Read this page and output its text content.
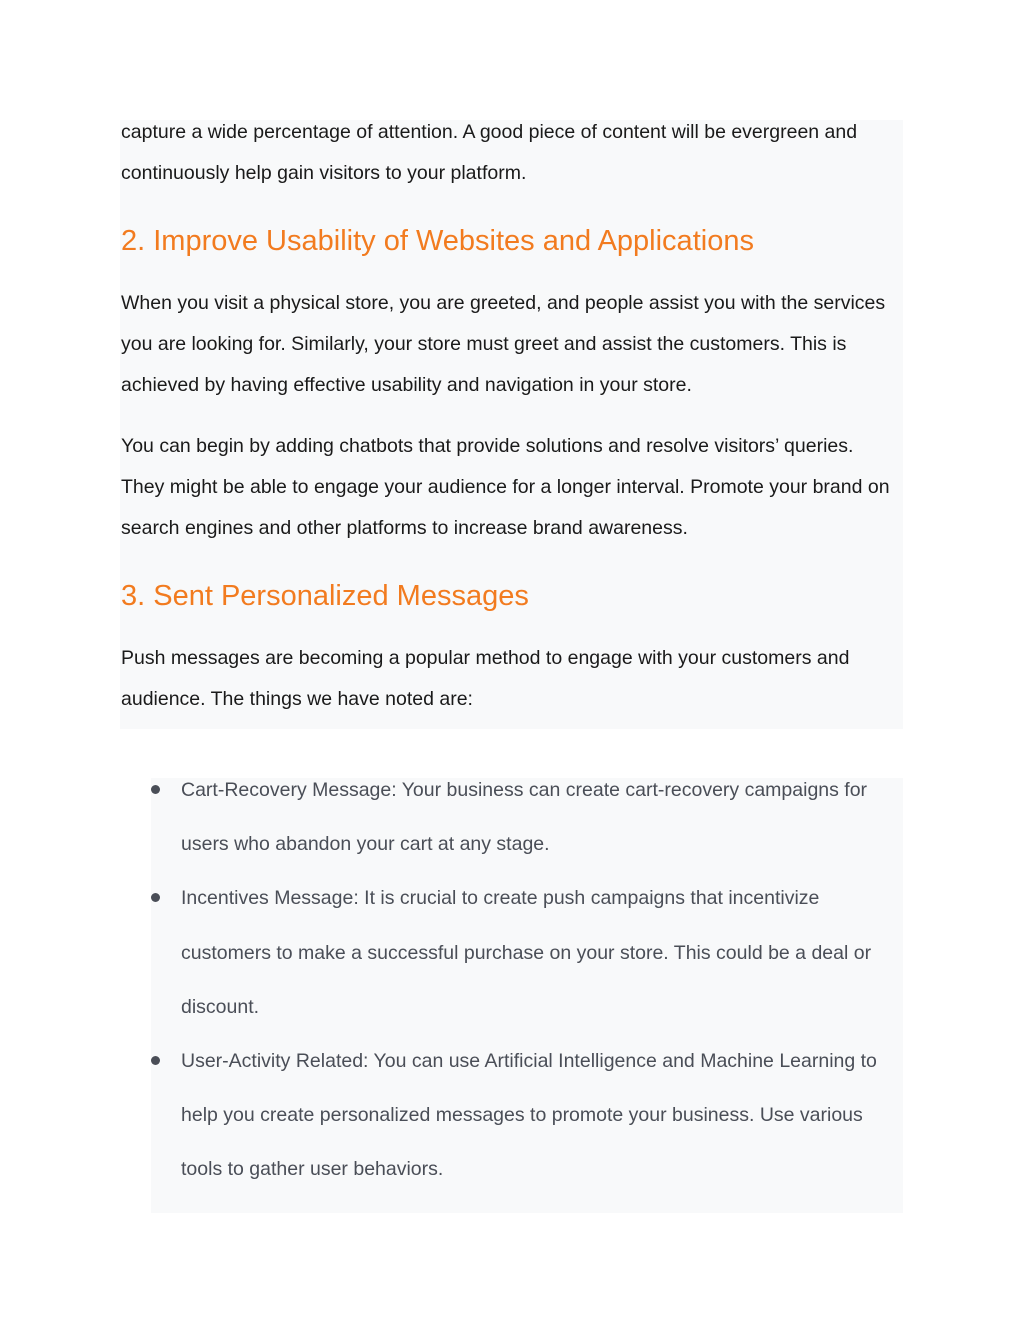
capture a wide percentage of attention. A good piece of content will be evergreen and continuously help gain visitors to your platform.

2. Improve Usability of Websites and Applications

When you visit a physical store, you are greeted, and people assist you with the services you are looking for. Similarly, your store must greet and assist the customers. This is achieved by having effective usability and navigation in your store.

You can begin by adding chatbots that provide solutions and resolve visitors’ queries. They might be able to engage your audience for a longer interval. Promote your brand on search engines and other platforms to increase brand awareness.

3. Sent Personalized Messages

Push messages are becoming a popular method to engage with your customers and audience. The things we have noted are:

Cart-Recovery Message: Your business can create cart-recovery campaigns for users who abandon your cart at any stage.
Incentives Message: It is crucial to create push campaigns that incentivize customers to make a successful purchase on your store. This could be a deal or discount.
User-Activity Related: You can use Artificial Intelligence and Machine Learning to help you create personalized messages to promote your business. Use various tools to gather user behaviors.
